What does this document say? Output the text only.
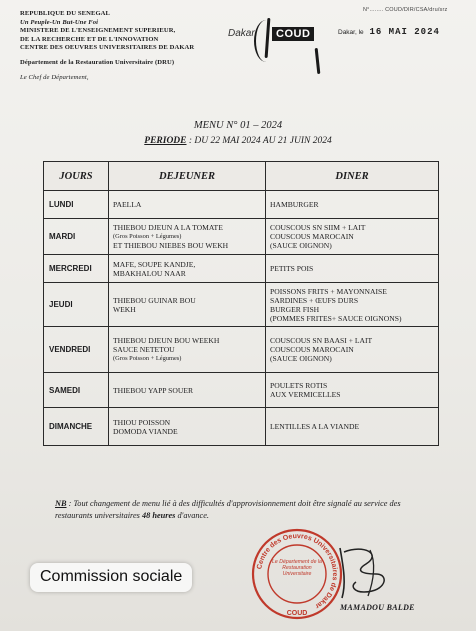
REPUBLIQUE DU SENEGAL
Un Peuple-Un But-Une Foi
MINISTERE DE L'ENSEIGNEMENT SUPERIEUR,
DE LA RECHERCHE ET DE L'INNOVATION
CENTRE DES OEUVRES UNIVERSITAIRES DE DAKAR
Département de la Restauration Universitaire (DRU)
Le Chef de Département,
Dakar	COUD
N°........ COUD/DIR/CSA/dru/srz
Dakar, le 16 MAI 2024
MENU N° 01 – 2024
PERIODE : DU 22 MAI 2024 AU 21 JUIN 2024
JOURS	DEJEUNER	DINER
LUNDI	PAELLA	HAMBURGER

MARDI	THIEBOU DJEUN A LA TOMATE
(Gros Poisson + Légumes)
ET THIEBOU NIEBES BOU WEKH	COUSCOUS SN SIIM + LAIT
COUSCOUS MAROCAIN
(SAUCE OIGNON)

MERCREDI	MAFE, SOUPE KANDJE,
MBAKHALOU NAAR	PETITS POIS

JEUDI	THIEBOU GUINAR BOU
WEKH	POISSONS FRITS + MAYONNAISE
SARDINES + ŒUFS DURS
BURGER FISH
(POMMES FRITES+ SAUCE OIGNONS)

VENDREDI	THIEBOU DJEUN BOU WEEKH
SAUCE NETETOU
(Gros Poisson + Légumes)	COUSCOUS SN BAASI + LAIT
COUSCOUS MAROCAIN
(SAUCE OIGNON)

SAMEDI	THIEBOU YAPP SOUER	POULETS ROTIS
AUX VERMICELLES

DIMANCHE	THIOU POISSON
DOMODA VIANDE	LENTILLES A LA VIANDE
NB : Tout changement de menu lié à des difficultés d'approvisionnement doit être signalé au service des restaurants universitaires 48 heures d'avance.
Commission sociale
Centre des Oeuvres Universitaires de Dakar
Le Département de la Restauration Universitaire
COUD
MAMADOU BALDE
